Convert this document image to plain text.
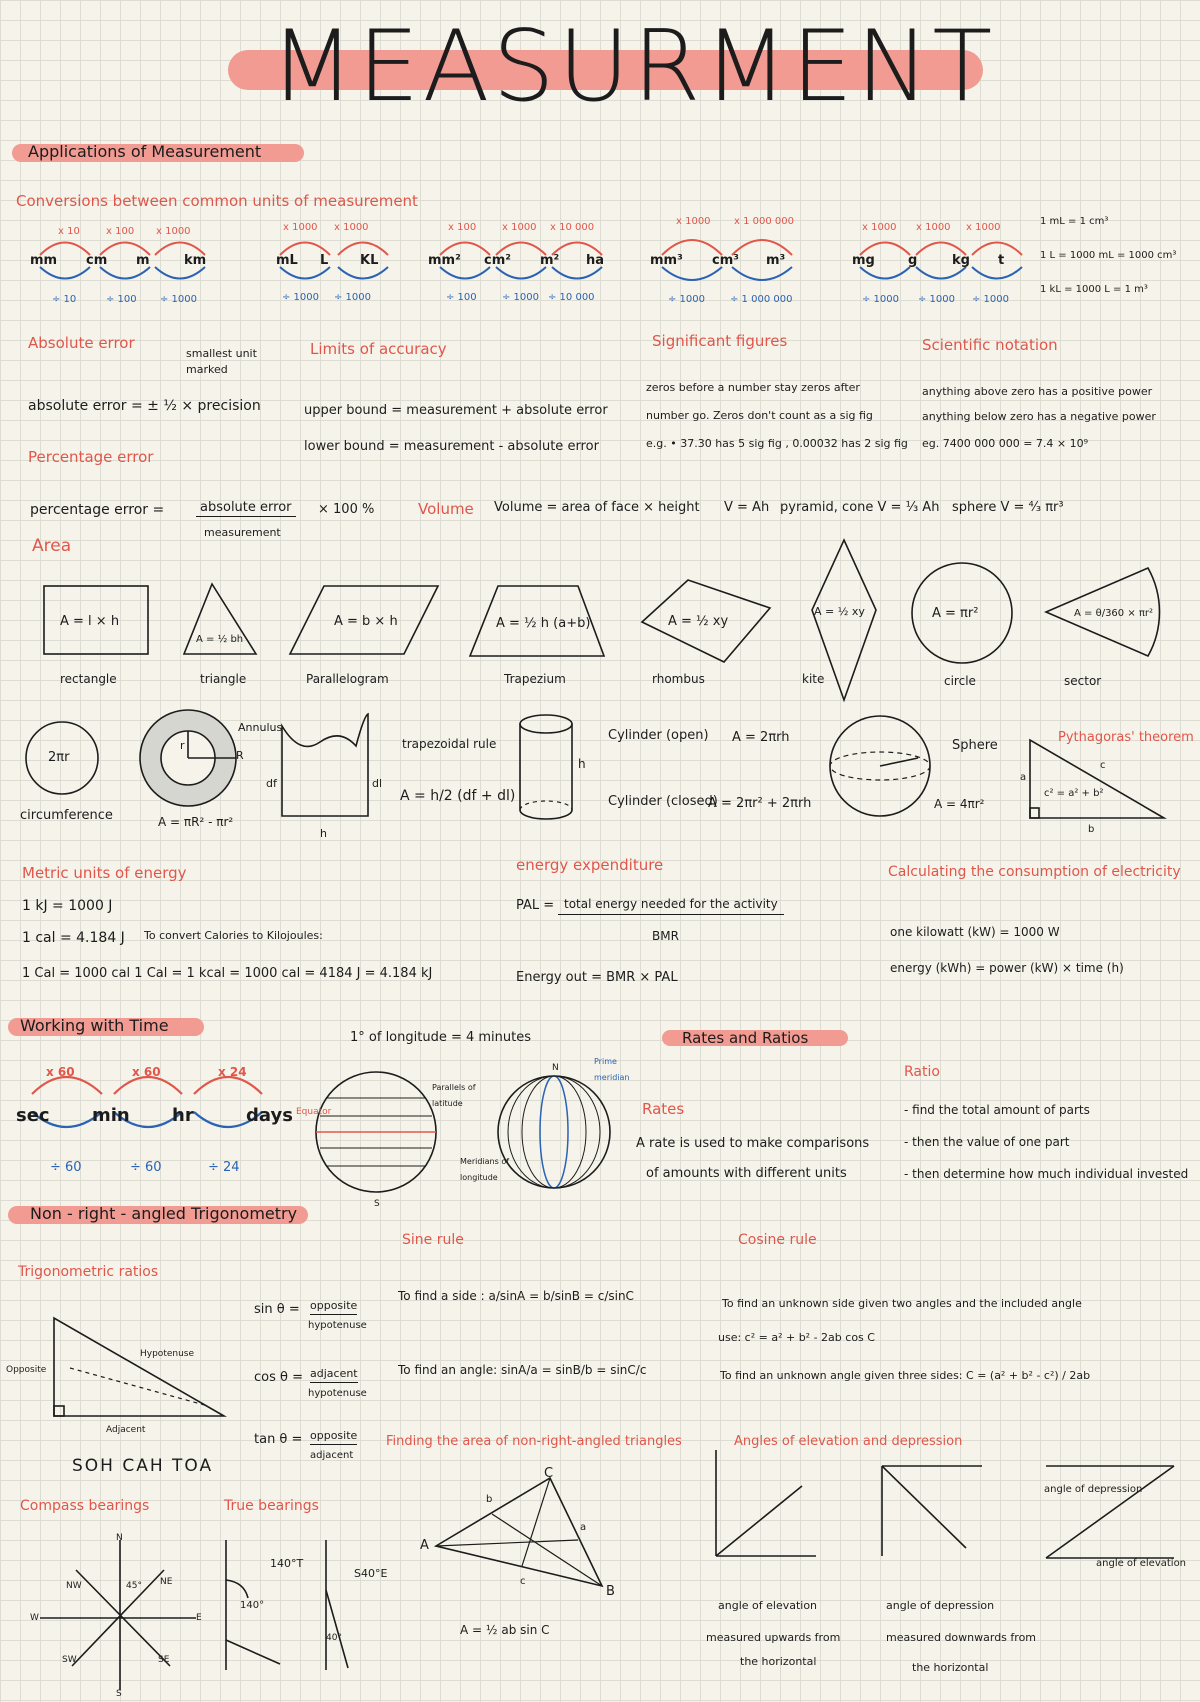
MEASURMENT
Applications of Measurement
Conversions between common units of measurement
mm cm m	km
x 10	x 100 x 1000
÷ 10	÷ 100 ÷ 1000
mL L KL
x 1000 x 1000
÷ 1000 ÷ 1000
mm² cm² m² ha
x 100	x 1000 x 10 000
÷ 100	÷ 1000 ÷ 10 000
mm³ cm³ m³
x 1000 x 1 000 000
÷ 1000 ÷ 1 000 000
mg	g	kg t
x 1000 x 1000 x 1000
÷ 1000 ÷ 1000 ÷ 1000
1 mL = 1 cm³
1 L = 1000 mL = 1000 cm³
1 kL = 1000 L = 1 m³
Absolute error
smallest unit marked
absolute error = ± ½ × precision
Percentage error
Limits of accuracy
upper bound = measurement + absolute error
lower bound = measurement - absolute error
Significant figures
zeros before a number stay zeros after
number go. Zeros don't count as a sig fig
e.g. • 37.30 has 5 sig fig , 0.00032 has 2 sig fig
Scientific notation
anything above zero has a positive power
anything below zero has a negative power
eg. 7400 000 000 = 7.4 × 10⁹
percentage error =	absolute error
measurement
× 100 %	Volume Volume = area of face × height V = Ah pyramid, cone V = ⅓ Ah sphere V = ⁴⁄₃ πr³
Area
A = l × h
A = ½ bh
A = b × h	A = ½ h (a+b)	A = ½ xy
A = ½ xy	A = πr²	A = θ/360 × πr²
rectangle	triangle	Parallelogram	Trapezium	rhombus	kite	circle	sector
2πr
circumference
Annulus
R
r
A = πR² - πr²
df	dl
h
trapezoidal rule
A = h/2 (df + dl)
h
Cylinder (open) A = 2πrh
Cylinder (closed)
A = 2πr² + 2πrh
Sphere
A = 4πr²
Pythagoras' theorem
c² = a² + b²
a
b
c
Metric units of energy
1 kJ = 1000 J
1 cal = 4.184 J To convert Calories to Kilojoules:
1 Cal = 1000 cal 1 Cal = 1 kcal = 1000 cal = 4184 J = 4.184 kJ
energy expenditure
PAL = total energy needed for the activity
BMR
Energy out = BMR × PAL
Calculating the consumption of electricity
one kilowatt (kW) = 1000 W
energy (kWh) = power (kW) × time (h)
Working with Time
sec min hr	days
x 60	x 60	x 24
÷ 60	÷ 60	÷ 24
1° of longitude = 4 minutes
Equator
Parallels of latitude
Meridians of longitude
Prime meridian
N
S
Rates and Ratios
Rates
A rate is used to make comparisons
of amounts with different units
Ratio
- find the total amount of parts
- then the value of one part
- then determine how much individual invested
Non - right - angled Trigonometry
Trigonometric ratios
Opposite
Hypotenuse
Adjacent
SOH CAH TOA
sin θ = opposite
hypotenuse
cos θ = adjacent
hypotenuse
tan θ = opposite
adjacent
Sine rule
To find a side : a/sinA = b/sinB = c/sinC
To find an angle: sinA/a = sinB/b = sinC/c
Cosine rule
To find an unknown side given two angles and the included angle
use: c² = a² + b² - 2ab cos C
To find an unknown angle given three sides: C = (a² + b² - c²) / 2ab
Finding the area of non-right-angled triangles
A
B
C
a
b
c
A = ½ ab sin C
Angles of elevation and depression
angle of elevation
measured upwards from
the horizontal
angle of depression
measured downwards from
the horizontal
angle of depression
angle of elevation
Compass bearings	True bearings
N
E
W
S
NE
NW
SE
SW
45°
140°T
140°
S40°E
40°
